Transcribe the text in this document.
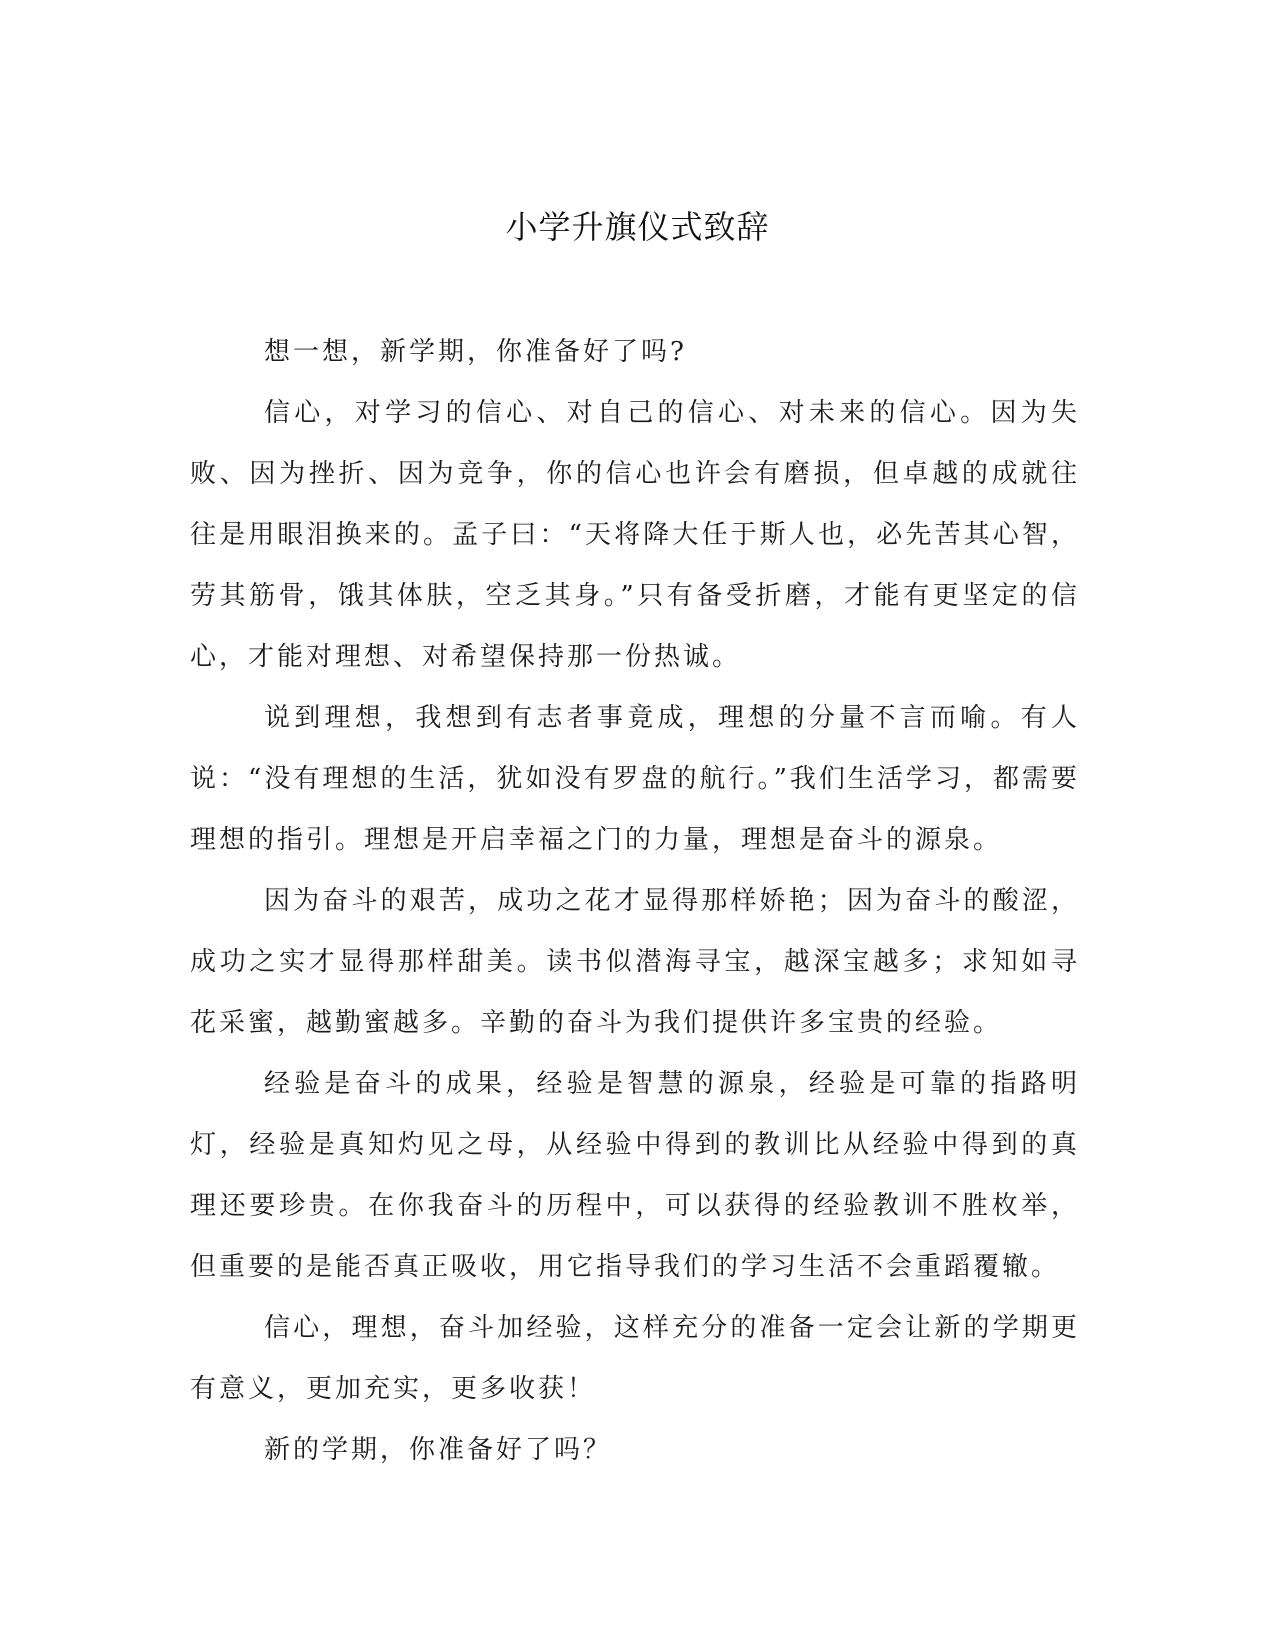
小学升旗仪式致辞

想一想，新学期，你准备好了吗?

信心，对学习的信心、对自己的信心、对未来的信心。因为失败、因为挫折、因为竞争，你的信心也许会有磨损，但卓越的成就往往是用眼泪换来的。孟子曰：“天将降大任于斯人也，必先苦其心智，劳其筋骨，饿其体肤，空乏其身。”只有备受折磨，才能有更坚定的信心，才能对理想、对希望保持那一份热诚。

说到理想，我想到有志者事竟成，理想的分量不言而喻。有人说：“没有理想的生活，犹如没有罗盘的航行。”我们生活学习，都需要理想的指引。理想是开启幸福之门的力量，理想是奋斗的源泉。

因为奋斗的艰苦，成功之花才显得那样娇艳；因为奋斗的酸涩，成功之实才显得那样甜美。读书似潜海寻宝，越深宝越多；求知如寻花采蜜，越勤蜜越多。辛勤的奋斗为我们提供许多宝贵的经验。

经验是奋斗的成果，经验是智慧的源泉，经验是可靠的指路明灯，经验是真知灼见之母，从经验中得到的教训比从经验中得到的真理还要珍贵。在你我奋斗的历程中，可以获得的经验教训不胜枚举，但重要的是能否真正吸收，用它指导我们的学习生活不会重蹈覆辙。

信心，理想，奋斗加经验，这样充分的准备一定会让新的学期更有意义，更加充实，更多收获！

新的学期，你准备好了吗？
